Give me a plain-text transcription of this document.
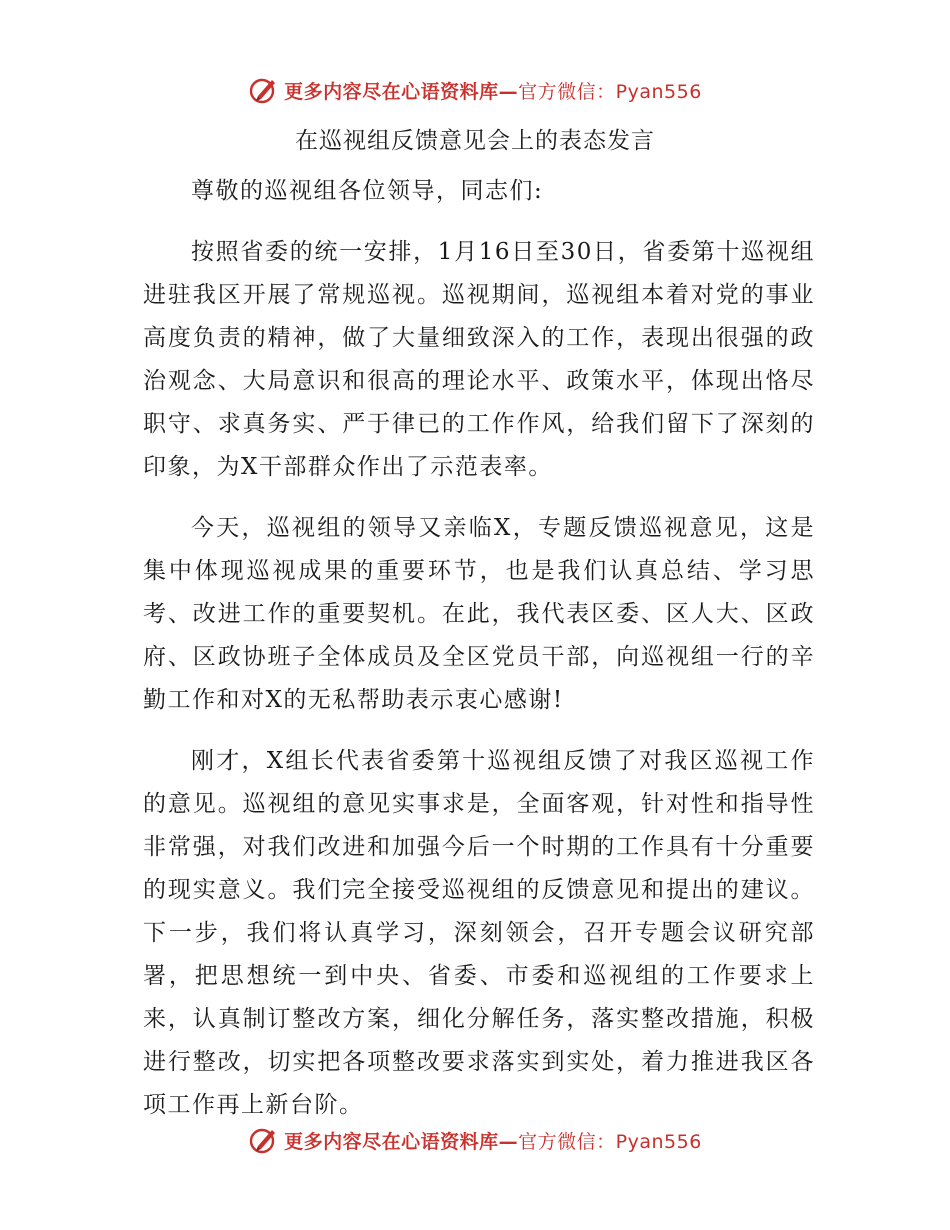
更多内容尽在心语资料库—官方微信：Pyan556
在巡视组反馈意见会上的表态发言

尊敬的巡视组各位领导，同志们:

按照省委的统一安排，1月16日至30日，省委第十巡视组进驻我区开展了常规巡视。巡视期间，巡视组本着对党的事业高度负责的精神，做了大量细致深入的工作，表现出很强的政治观念、大局意识和很高的理论水平、政策水平，体现出恪尽职守、求真务实、严于律已的工作作风，给我们留下了深刻的印象，为X干部群众作出了示范表率。

今天，巡视组的领导又亲临X，专题反馈巡视意见，这是集中体现巡视成果的重要环节，也是我们认真总结、学习思考、改进工作的重要契机。在此，我代表区委、区人大、区政府、区政协班子全体成员及全区党员干部，向巡视组一行的辛勤工作和对X的无私帮助表示衷心感谢!

刚才，X组长代表省委第十巡视组反馈了对我区巡视工作的意见。巡视组的意见实事求是，全面客观，针对性和指导性非常强，对我们改进和加强今后一个时期的工作具有十分重要的现实意义。我们完全接受巡视组的反馈意见和提出的建议。下一步，我们将认真学习，深刻领会，召开专题会议研究部署，把思想统一到中央、省委、市委和巡视组的工作要求上来，认真制订整改方案，细化分解任务，落实整改措施，积极进行整改，切实把各项整改要求落实到实处，着力推进我区各项工作再上新台阶。

更多内容尽在心语资料库—官方微信：Pyan556
